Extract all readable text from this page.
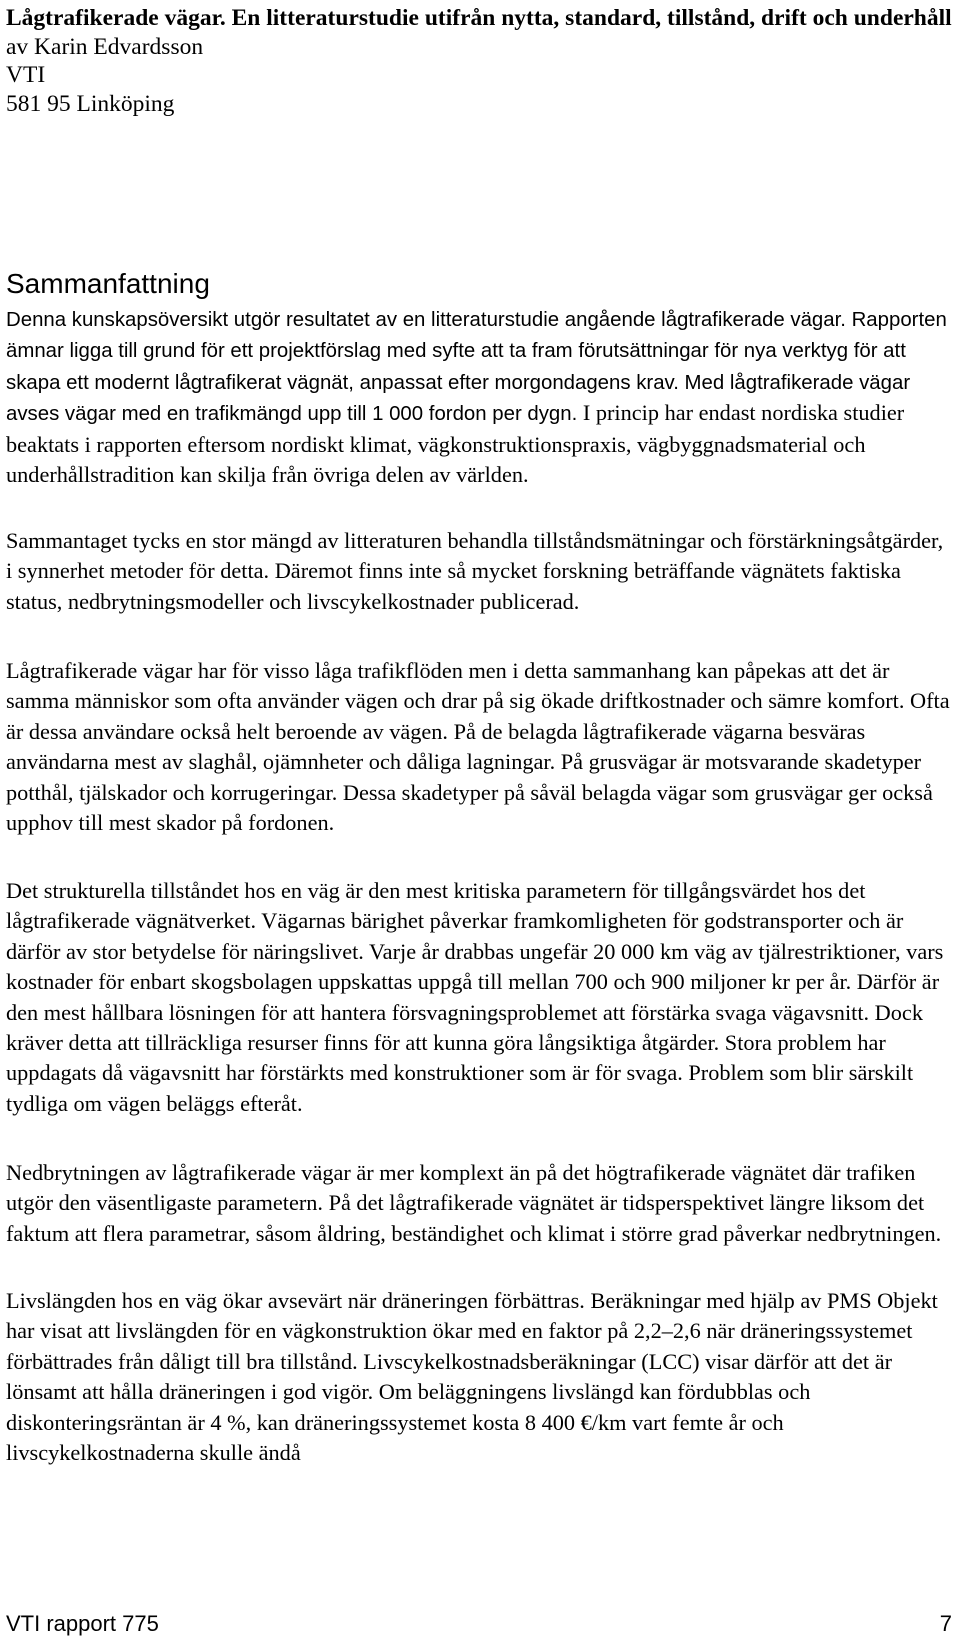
Lågtrafikerade vägar. En litteraturstudie utifrån nytta, standard, tillstånd, drift och underhåll

av Karin Edvardsson

VTI

581 95 Linköping

Sammanfattning

Denna kunskapsöversikt utgör resultatet av en litteraturstudie angående lågtrafikerade vägar. Rapporten ämnar ligga till grund för ett projektförslag med syfte att ta fram förutsättningar för nya verktyg för att skapa ett modernt lågtrafikerat vägnät, anpassat efter morgondagens krav. Med lågtrafikerade vägar avses vägar med en trafikmängd upp till 1 000 fordon per dygn. I princip har endast nordiska studier beaktats i rapporten eftersom nordiskt klimat, vägkonstruktionspraxis, vägbyggnadsmaterial och underhållstradition kan skilja från övriga delen av världen.

Sammantaget tycks en stor mängd av litteraturen behandla tillståndsmätningar och förstärkningsåtgärder, i synnerhet metoder för detta. Däremot finns inte så mycket forskning beträffande vägnätets faktiska status, nedbrytningsmodeller och livscykelkostnader publicerad.

Lågtrafikerade vägar har för visso låga trafikflöden men i detta sammanhang kan påpekas att det är samma människor som ofta använder vägen och drar på sig ökade driftkostnader och sämre komfort. Ofta är dessa användare också helt beroende av vägen. På de belagda lågtrafikerade vägarna besväras användarna mest av slaghål, ojämnheter och dåliga lagningar. På grusvägar är motsvarande skadetyper potthål, tjälskador och korrugeringar. Dessa skadetyper på såväl belagda vägar som grusvägar ger också upphov till mest skador på fordonen.

Det strukturella tillståndet hos en väg är den mest kritiska parametern för tillgångsvärdet hos det lågtrafikerade vägnätverket. Vägarnas bärighet påverkar framkomligheten för godstransporter och är därför av stor betydelse för näringslivet. Varje år drabbas ungefär 20 000 km väg av tjälrestriktioner, vars kostnader för enbart skogsbolagen uppskattas uppgå till mellan 700 och 900 miljoner kr per år. Därför är den mest hållbara lösningen för att hantera försvagningsproblemet att förstärka svaga vägavsnitt. Dock kräver detta att tillräckliga resurser finns för att kunna göra långsiktiga åtgärder. Stora problem har uppdagats då vägavsnitt har förstärkts med konstruktioner som är för svaga. Problem som blir särskilt tydliga om vägen beläggs efteråt.

Nedbrytningen av lågtrafikerade vägar är mer komplext än på det högtrafikerade vägnätet där trafiken utgör den väsentligaste parametern. På det lågtrafikerade vägnätet är tidsperspektivet längre liksom det faktum att flera parametrar, såsom åldring, beständighet och klimat i större grad påverkar nedbrytningen.

Livslängden hos en väg ökar avsevärt när dräneringen förbättras. Beräkningar med hjälp av PMS Objekt har visat att livslängden för en vägkonstruktion ökar med en faktor på 2,2–2,6 när dräneringssystemet förbättrades från dåligt till bra tillstånd. Livscykelkostnadsberäkningar (LCC) visar därför att det är lönsamt att hålla dräneringen i god vigör. Om beläggningens livslängd kan fördubblas och diskonteringsräntan är 4 %, kan dräneringssystemet kosta 8 400 €/km vart femte år och livscykelkostnaderna skulle ändå

VTI rapport 775	7
